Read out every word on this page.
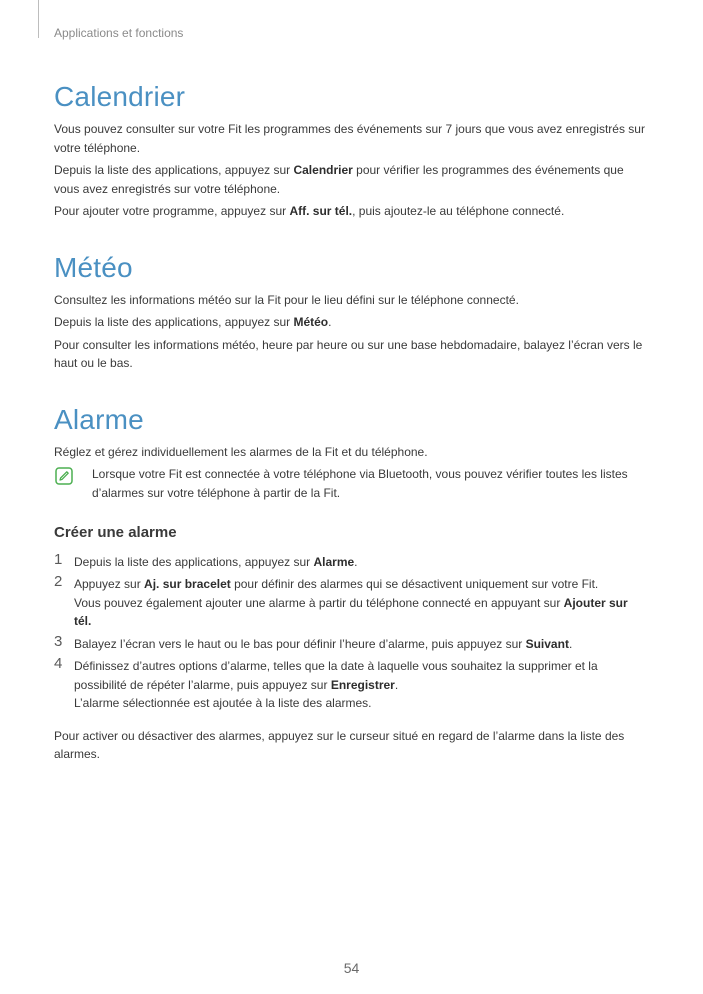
Applications et fonctions
Calendrier

Vous pouvez consulter sur votre Fit les programmes des événements sur 7 jours que vous avez enregistrés sur votre téléphone.

Depuis la liste des applications, appuyez sur Calendrier pour vérifier les programmes des événements que vous avez enregistrés sur votre téléphone.

Pour ajouter votre programme, appuyez sur Aff. sur tél., puis ajoutez-le au téléphone connecté.

Météo

Consultez les informations météo sur la Fit pour le lieu défini sur le téléphone connecté.

Depuis la liste des applications, appuyez sur Météo.

Pour consulter les informations météo, heure par heure ou sur une base hebdomadaire, balayez l’écran vers le haut ou le bas.

Alarme

Réglez et gérez individuellement les alarmes de la Fit et du téléphone.

Lorsque votre Fit est connectée à votre téléphone via Bluetooth, vous pouvez vérifier toutes les listes d’alarmes sur votre téléphone à partir de la Fit.

Créer une alarme
1 Depuis la liste des applications, appuyez sur Alarme.
2 Appuyez sur Aj. sur bracelet pour définir des alarmes qui se désactivent uniquement sur votre Fit.
Vous pouvez également ajouter une alarme à partir du téléphone connecté en appuyant sur Ajouter sur tél.
3 Balayez l’écran vers le haut ou le bas pour définir l’heure d’alarme, puis appuyez sur Suivant.
4 Définissez d’autres options d’alarme, telles que la date à laquelle vous souhaitez la supprimer et la possibilité de répéter l’alarme, puis appuyez sur Enregistrer.
L’alarme sélectionnée est ajoutée à la liste des alarmes.

Pour activer ou désactiver des alarmes, appuyez sur le curseur situé en regard de l’alarme dans la liste des alarmes.

54
